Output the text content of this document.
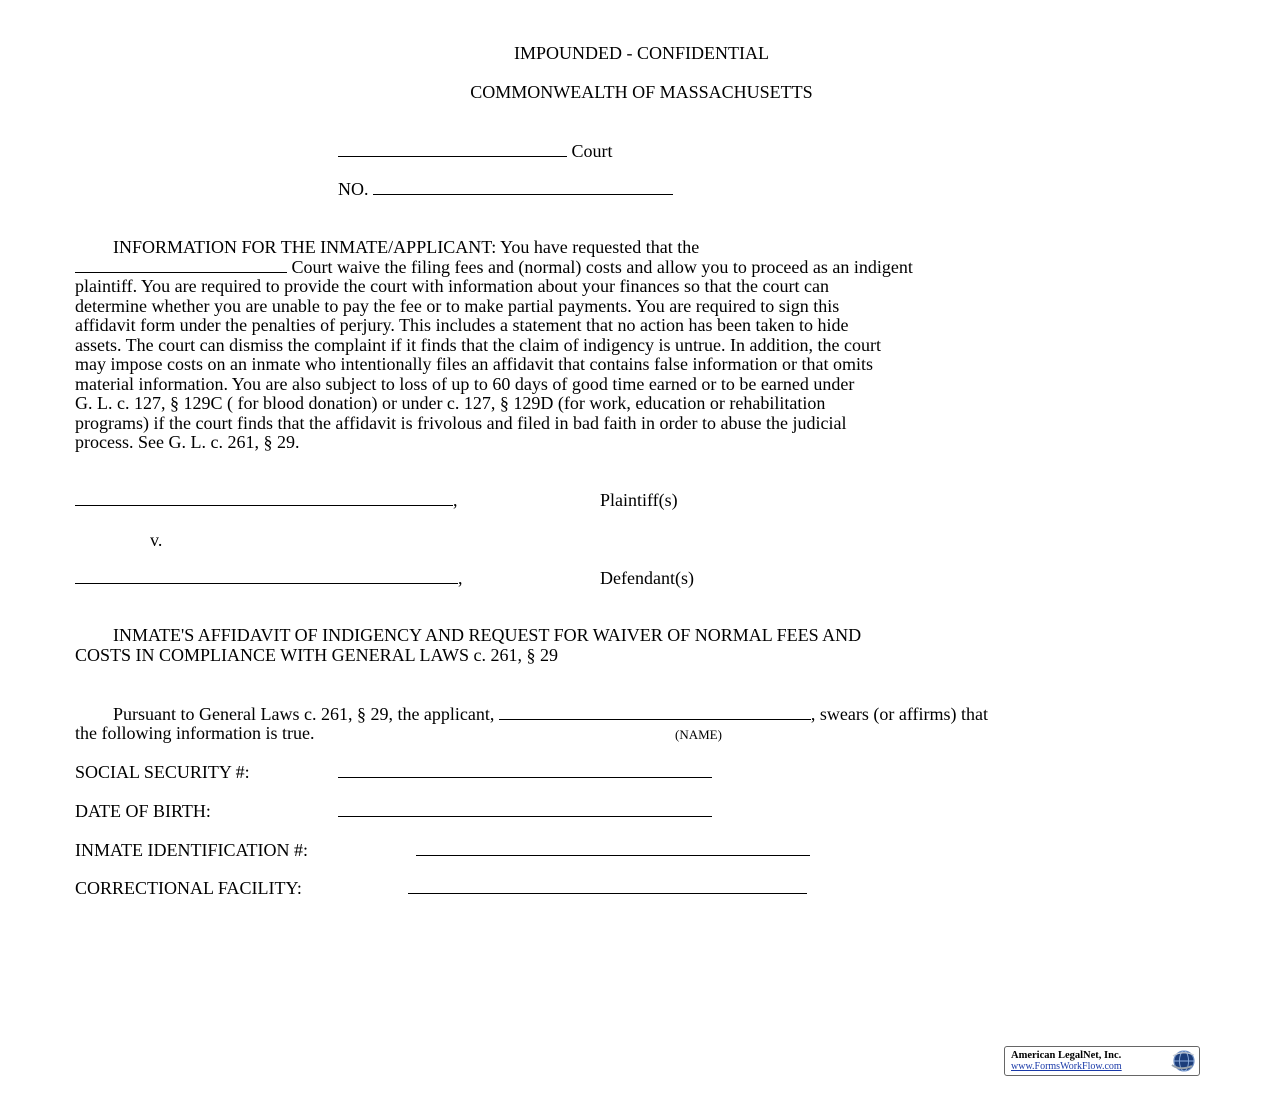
IMPOUNDED - CONFIDENTIAL
COMMONWEALTH OF MASSACHUSETTS
Court
NO.
INFORMATION FOR THE INMATE/APPLICANT: You have requested that the
Court waive the filing fees and (normal) costs and allow you to proceed as an indigent
plaintiff. You are required to provide the court with information about your finances so that the court can
determine whether you are unable to pay the fee or to make partial payments. You are required to sign this
affidavit form under the penalties of perjury. This includes a statement that no action has been taken to hide
assets. The court can dismiss the complaint if it finds that the claim of indigency is untrue. In addition, the court
may impose costs on an inmate who intentionally files an affidavit that contains false information or that omits
material information. You are also subject to loss of up to 60 days of good time earned or to be earned under
G. L. c. 127, § 129C ( for blood donation) or under c. 127, § 129D (for work, education or rehabilitation
programs) if the court finds that the affidavit is frivolous and filed in bad faith in order to abuse the judicial
process. See G. L. c. 261, § 29.
,	Plaintiff(s)
v.
,	Defendant(s)
INMATE'S AFFIDAVIT OF INDIGENCY AND REQUEST FOR WAIVER OF NORMAL FEES AND
COSTS IN COMPLIANCE WITH GENERAL LAWS c. 261, § 29
Pursuant to General Laws c. 261, § 29, the applicant,	, swears (or affirms) that
the following information is true.	(NAME)
SOCIAL SECURITY #:
DATE OF BIRTH:
INMATE IDENTIFICATION #:
CORRECTIONAL FACILITY:
American LegalNet, Inc.
www.FormsWorkFlow.com
